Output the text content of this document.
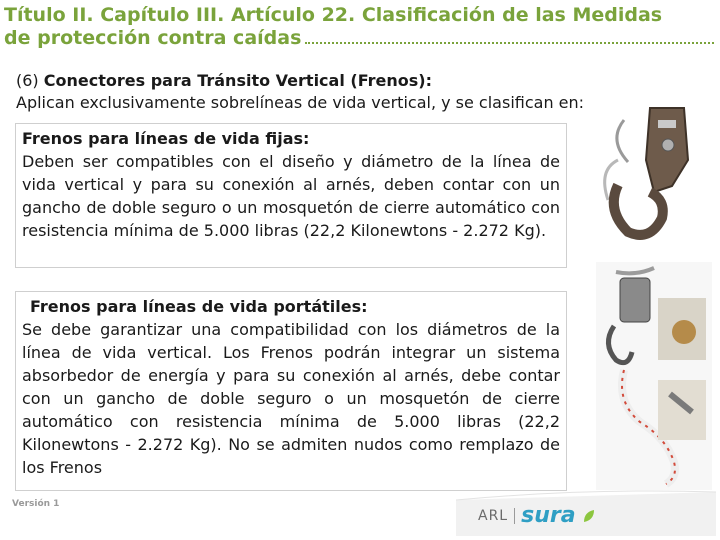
Título II. Capítulo III. Artículo 22. Clasificación de las Medidas
de protección contra caídas
(6) Conectores para Tránsito Vertical (Frenos):
Aplican exclusivamente sobrelíneas de vida vertical, y se clasifican en:

Frenos para líneas de vida fijas:

Deben ser compatibles con el diseño y diámetro de la línea de vida vertical y para su conexión al arnés, deben contar con un gancho de doble seguro o un mosquetón de cierre automático con resistencia mínima de 5.000 libras (22,2 Kilonewtons - 2.272 Kg).

Frenos para líneas de vida portátiles:

Se debe garantizar una compatibilidad con los diámetros de la línea de vida vertical. Los Frenos podrán integrar un sistema absorbedor de energía y para su conexión al arnés, debe contar con un gancho de doble seguro o un mosquetón de cierre automático con resistencia mínima de 5.000 libras (22,2 Kilonewtons - 2.272 Kg). No se admiten nudos como remplazo de los Frenos

Versión 1
ARL sura
